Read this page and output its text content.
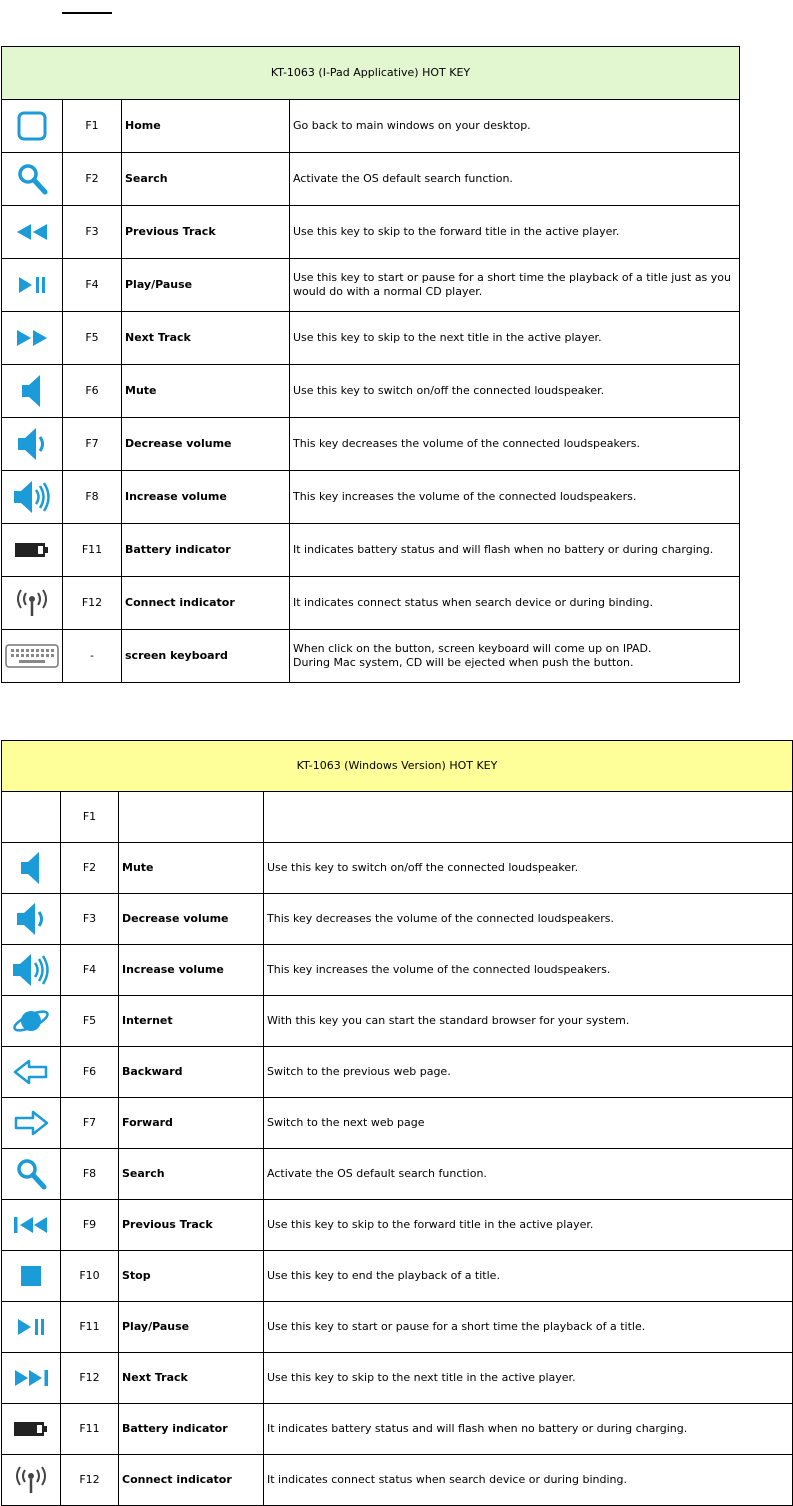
KT-1063 (I-Pad Applicative) HOT KEY			

	F1	Home	Go back to main windows on your desktop.

	F2	Search	Activate the OS default search function.

	F3	Previous Track	Use this key to skip to the forward title in the active player.

	F4	Play/Pause	Use this key to start or pause for a short time the playback of a title just as you would do with a normal CD player.

	F5	Next Track	Use this key to skip to the next title in the active player.

	F6	Mute	Use this key to switch on/off the connected loudspeaker.

	F7	Decrease volume	This key decreases the volume of the connected loudspeakers.

	F8	Increase volume	This key increases the volume of the connected loudspeakers.

	F11	Battery indicator	It indicates battery status and will flash when no battery or during charging.

	F12	Connect indicator	It indicates connect status when search device or during binding.

	-	screen keyboard	When click on the button, screen keyboard will come up on IPAD.
During Mac system, CD will be ejected when push the button.
KT-1063 (Windows Version) HOT KEY			
	F1		

	F2	Mute	Use this key to switch on/off the connected loudspeaker.

	F3	Decrease volume	This key decreases the volume of the connected loudspeakers.

	F4	Increase volume	This key increases the volume of the connected loudspeakers.

	F5	Internet	With this key you can start the standard browser for your system.

	F6	Backward	Switch to the previous web page.

	F7	Forward	Switch to the next web page

	F8	Search	Activate the OS default search function.

	F9	Previous Track	Use this key to skip to the forward title in the active player.

	F10	Stop	Use this key to end the playback of a title.

	F11	Play/Pause	Use this key to start or pause for a short time the playback of a title.

	F12	Next Track	Use this key to skip to the next title in the active player.

	F11	Battery indicator	It indicates battery status and will flash when no battery or during charging.

	F12	Connect indicator	It indicates connect status when search device or during binding.
